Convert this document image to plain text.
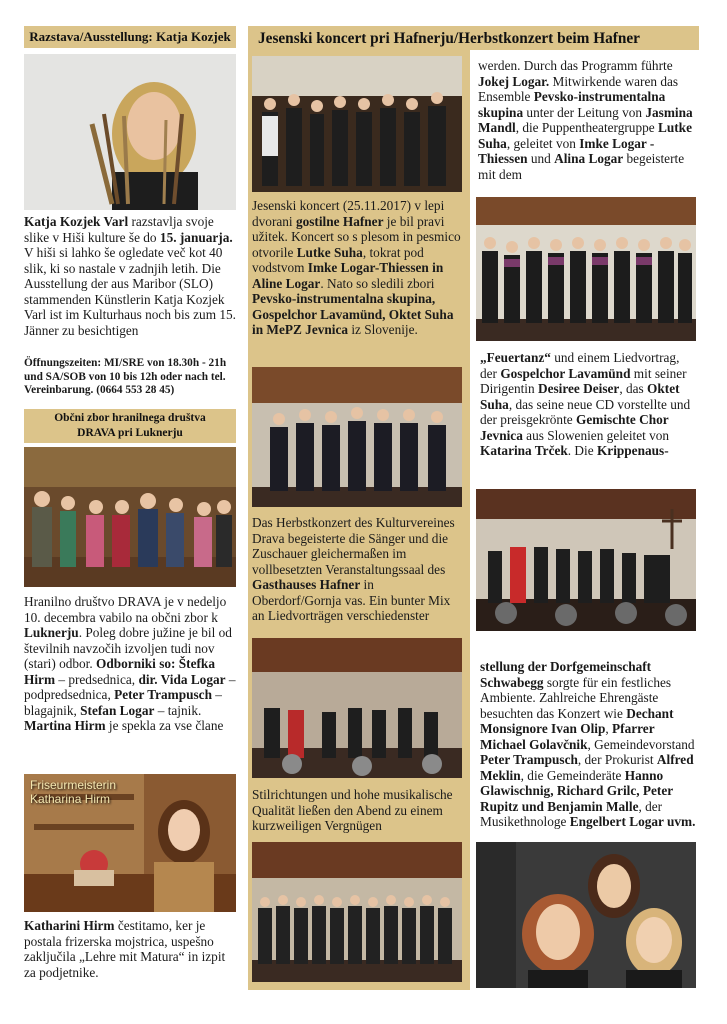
Razstava/Ausstellung: Katja Kozjek
Katja Kozjek Varl razstavlja svoje slike v Hiši kulture še do 15. januarja. V hiši si lahko še ogledate več kot 40 slik, ki so nastale v zadnjih letih. Die Ausstellung der aus Maribor (SLO) stammenden Künstlerin Katja Kozjek Varl ist im Kulturhaus noch bis zum 15. Jänner zu besichtigen
Öffnungszeiten: MI/SRE von 18.30h - 21h und SA/SOB von 10 bis 12h oder nach tel. Vereinbarung. (0664 553 28 45)
Občni zbor hranilnega društva
DRAVA pri Luknerju
Hranilno društvo DRAVA je v nedeljo 10. decembra vabilo na občni zbor k Luknerju. Poleg dobre južine je bil od številnih navzočih izvoljen tudi nov (stari) odbor. Odborniki so: Štefka Hirm – predsednica, dir. Vida Logar – podpredsednica, Peter Trampusch – blagajnik, Stefan Logar – tajnik. Martina Hirm je spekla za vse člane
Friseurmeisterin
Katharina Hirm
Katharini Hirm čestitamo, ker je postala frizerska mojstrica, uspešno zaključila „Lehre mit Matura“ in izpit za podjetnike.
Jesenski koncert pri Hafnerju/Herbstkonzert beim Hafner
Jesenski koncert (25.11.2017) v lepi dvorani gostilne Hafner je bil pravi užitek. Koncert so s plesom in pesmico otvorile Lutke Suha, tokrat pod vodstvom Imke Logar-Thiessen in Aline Logar. Nato so sledili zbori Pevsko-instrumentalna skupina, Gospelchor Lavamünd, Oktet Suha in MePZ Jevnica iz Slovenije.
Das Herbstkonzert des Kulturvereines Drava begeisterte die Sänger und die Zuschauer gleichermaßen im vollbesetzten Veranstaltungssaal des Gasthauses Hafner in Oberdorf/Gornja vas. Ein bunter Mix an Liedvorträgen verschiedenster
Stilrichtungen und hohe musikalische Qualität ließen den Abend zu einem kurzweiligen Vergnügen
werden. Durch das Programm führte Jokej Logar. Mitwirkende waren das Ensemble Pevsko-instrumentalna skupina unter der Leitung von Jasmina Mandl, die Puppentheatergruppe Lutke Suha, geleitet von Imke Logar -Thiessen und Alina Logar begeisterte mit dem
„Feuertanz“ und einem Liedvortrag, der Gospelchor Lavamünd mit seiner Dirigentin Desiree Deiser, das Oktet Suha, das seine neue CD vorstellte und der preisgekrönte Gemischte Chor Jevnica aus Slowenien geleitet von Katarina Trček. Die Krippenaus-
stellung der Dorfgemeinschaft Schwabegg sorgte für ein festliches Ambiente. Zahlreiche Ehrengäste besuchten das Konzert wie Dechant Monsignore Ivan Olip, Pfarrer Michael Golavčnik, Gemeindevorstand Peter Trampusch, der Prokurist Alfred Meklin, die Gemeinderäte Hanno Glawischnig, Richard Grilc, Peter Rupitz und Benjamin Malle, der Musikethnologe Engelbert Logar uvm.
